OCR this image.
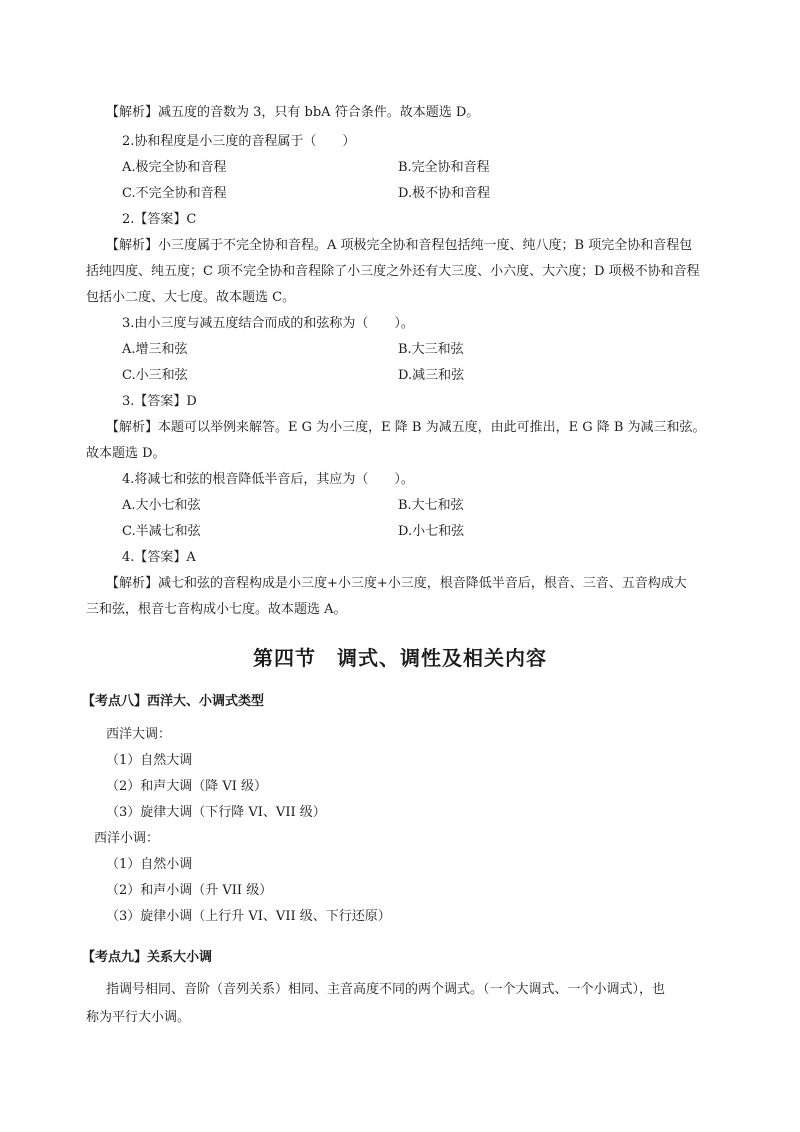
【解析】减五度的音数为 3，只有 bbA 符合条件。故本题选 D。
2.协和程度是小三度的音程属于（　　）
A.极完全协和音程	B.完全协和音程
C.不完全协和音程	D.极不协和音程
2.【答案】C
【解析】小三度属于不完全协和音程。A 项极完全协和音程包括纯一度、纯八度；B 项完全协和音程包
括纯四度、纯五度；C 项不完全协和音程除了小三度之外还有大三度、小六度、大六度；D 项极不协和音程
包括小二度、大七度。故本题选 C。
3.由小三度与减五度结合而成的和弦称为（　　）。
A.增三和弦	B.大三和弦
C.小三和弦	D.减三和弦
3.【答案】D
【解析】本题可以举例来解答。E G 为小三度，E 降 B 为减五度，由此可推出，E G 降 B 为减三和弦。
故本题选 D。
4.将减七和弦的根音降低半音后，其应为（　　）。
A.大小七和弦	B.大七和弦
C.半减七和弦	D.小七和弦
4.【答案】A
【解析】减七和弦的音程构成是小三度+小三度+小三度，根音降低半音后，根音、三音、五音构成大
三和弦，根音七音构成小七度。故本题选 A。
第四节　调式、调性及相关内容
【考点八】西洋大、小调式类型
西洋大调：
（1）自然大调
（2）和声大调（降 VI 级）
（3）旋律大调（下行降 VI、VII 级）
西洋小调：
（1）自然小调
（2）和声小调（升 VII 级）
（3）旋律小调（上行升 VI、VII 级、下行还原）
【考点九】关系大小调
指调号相同、音阶（音列关系）相同、主音高度不同的两个调式。（一个大调式、一个小调式），也
称为平行大小调。
